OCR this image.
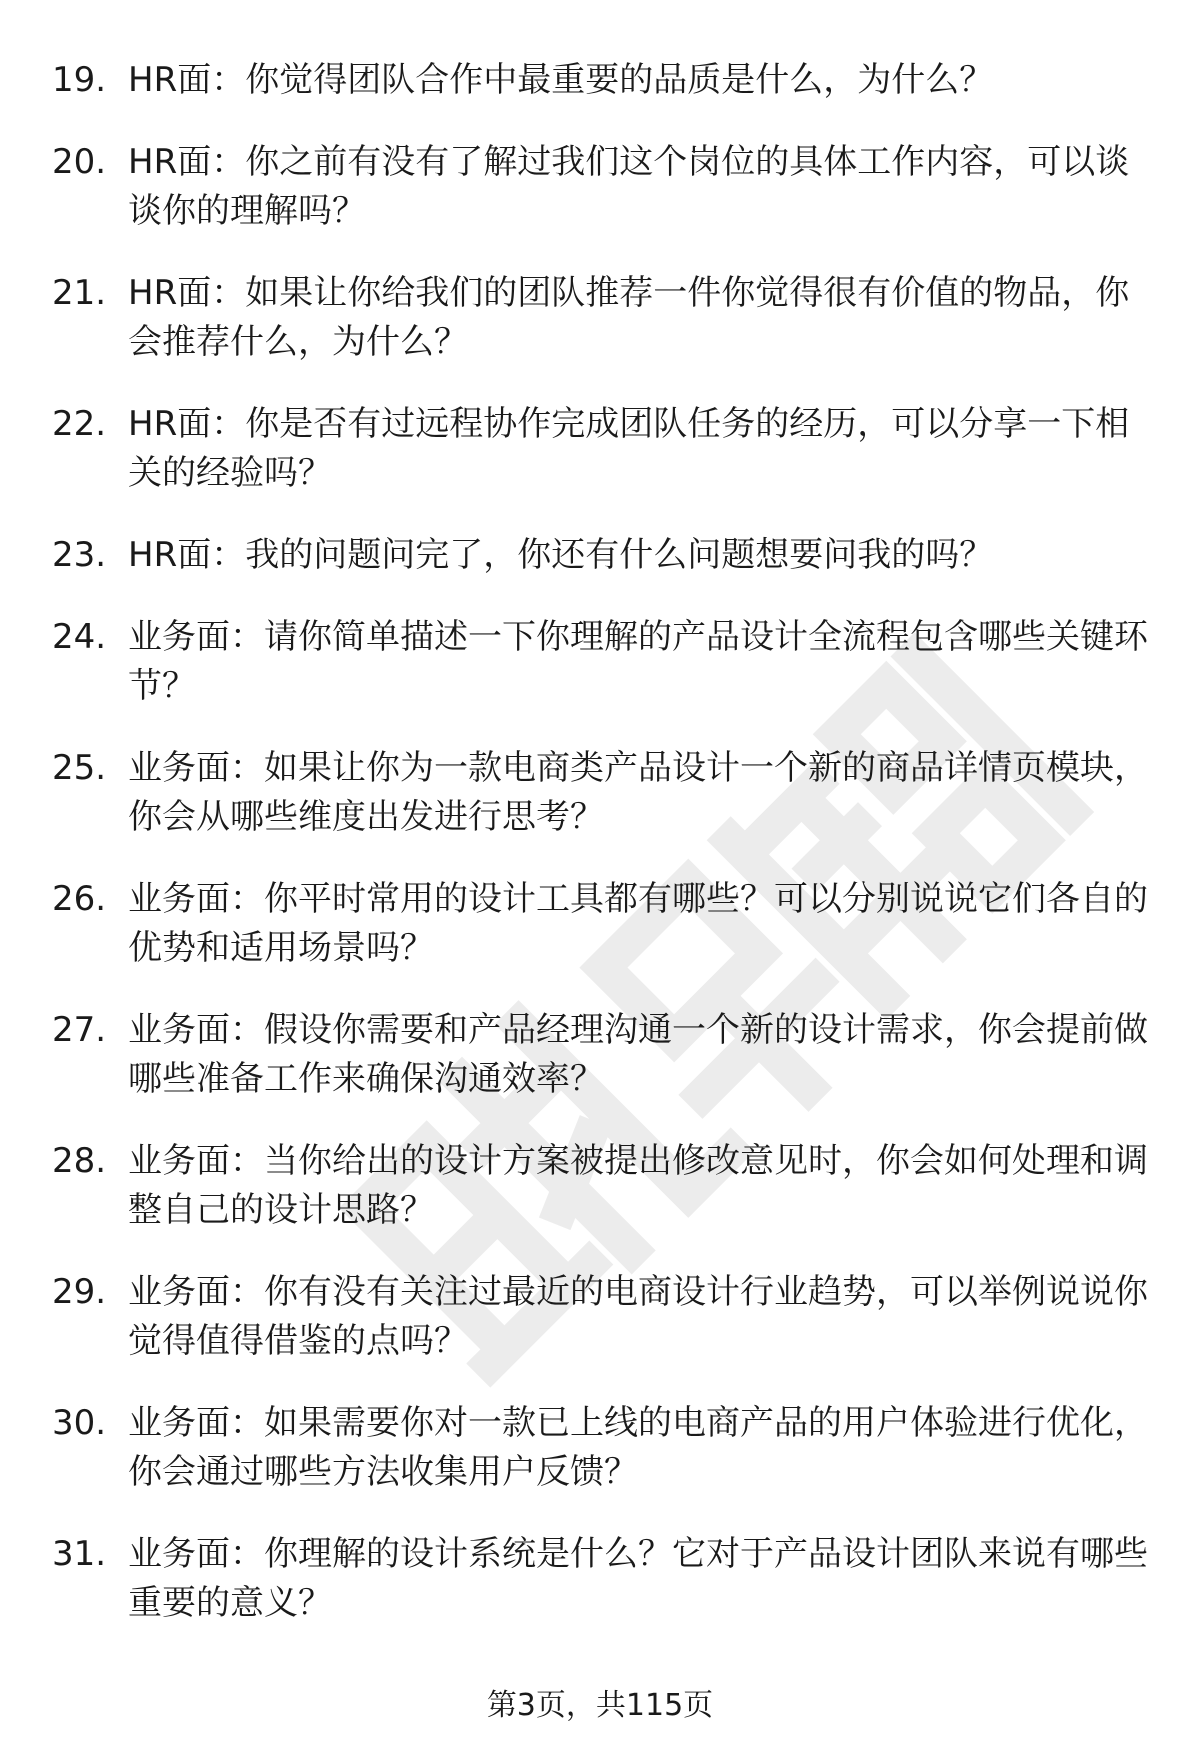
19. HR面：你觉得团队合作中最重要的品质是什么，为什么？
20. HR面：你之前有没有了解过我们这个岗位的具体工作内容，可以谈谈你的理解吗？
21. HR面：如果让你给我们的团队推荐一件你觉得很有价值的物品，你会推荐什么，为什么？
22. HR面：你是否有过远程协作完成团队任务的经历，可以分享一下相关的经验吗？
23. HR面：我的问题问完了，你还有什么问题想要问我的吗？
24. 业务面：请你简单描述一下你理解的产品设计全流程包含哪些关键环节？
25. 业务面：如果让你为一款电商类产品设计一个新的商品详情页模块，你会从哪些维度出发进行思考？
26. 业务面：你平时常用的设计工具都有哪些？可以分别说说它们各自的优势和适用场景吗？
27. 业务面：假设你需要和产品经理沟通一个新的设计需求，你会提前做哪些准备工作来确保沟通效率？
28. 业务面：当你给出的设计方案被提出修改意见时，你会如何处理和调整自己的设计思路？
29. 业务面：你有没有关注过最近的电商设计行业趋势，可以举例说说你觉得值得借鉴的点吗？
30. 业务面：如果需要你对一款已上线的电商产品的用户体验进行优化，你会通过哪些方法收集用户反馈？
31. 业务面：你理解的设计系统是什么？它对于产品设计团队来说有哪些重要的意义？
第3页，共115页
